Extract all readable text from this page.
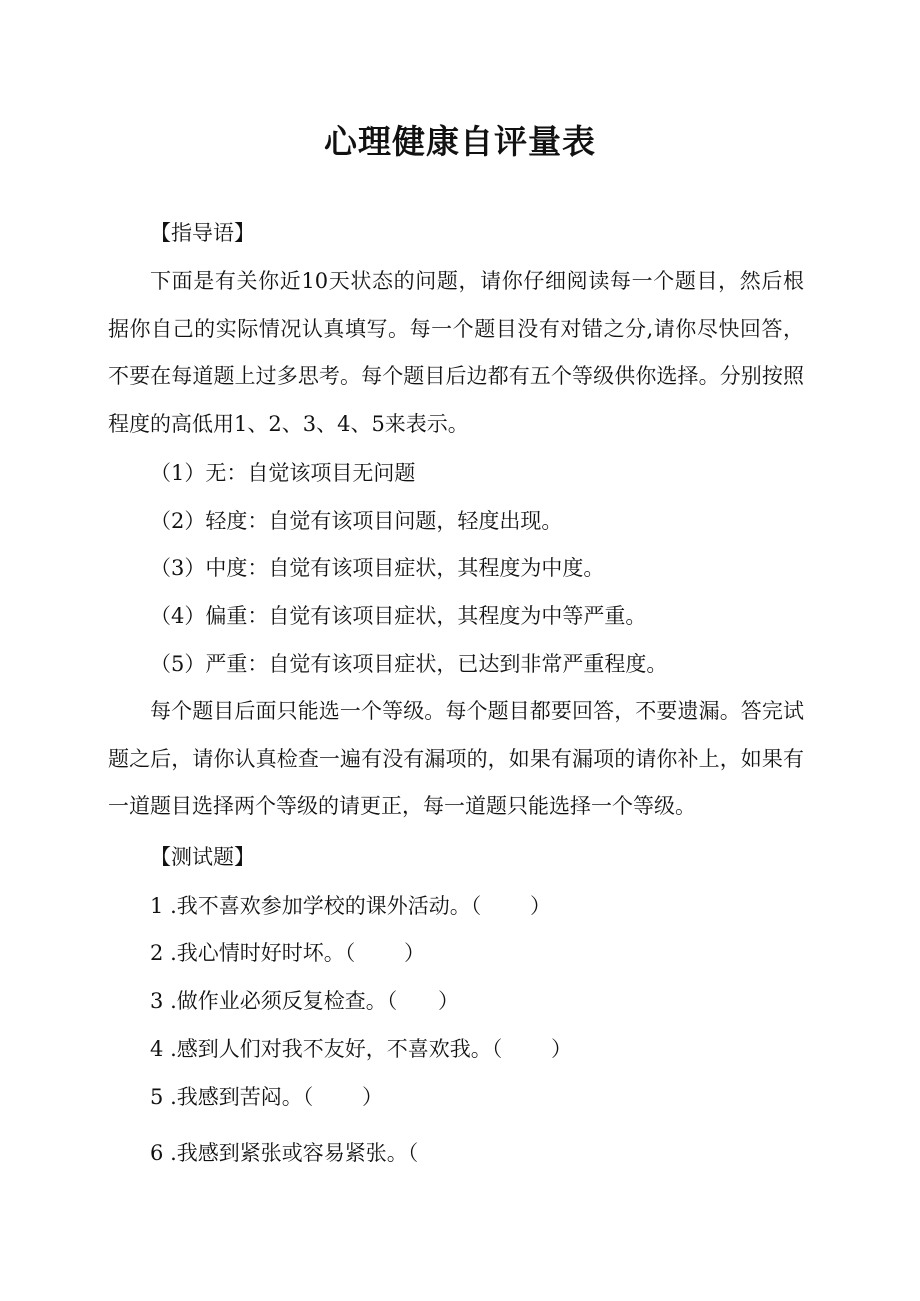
心理健康自评量表
【指导语】

下面是有关你近10天状态的问题，请你仔细阅读每一个题目，然后根据你自己的实际情况认真填写。每一个题目没有对错之分,请你尽快回答，不要在每道题上过多思考。每个题目后边都有五个等级供你选择。分别按照程度的高低用1、2、3、4、5来表示。

（1）无：自觉该项目无问题
（2）轻度：自觉有该项目问题，轻度出现。
（3）中度：自觉有该项目症状，其程度为中度。
（4）偏重：自觉有该项目症状，其程度为中等严重。
（5）严重：自觉有该项目症状，已达到非常严重程度。

每个题目后面只能选一个等级。每个题目都要回答，不要遗漏。答完试题之后，请你认真检查一遍有没有漏项的，如果有漏项的请你补上，如果有一道题目选择两个等级的请更正，每一道题只能选择一个等级。

【测试题】
1 .我不喜欢参加学校的课外活动。（ ）
2 .我心情时好时坏。（ ）
3 .做作业必须反复检查。（ ）
4 .感到人们对我不友好，不喜欢我。（ ）
5 .我感到苦闷。（ ）
6 .我感到紧张或容易紧张。（
